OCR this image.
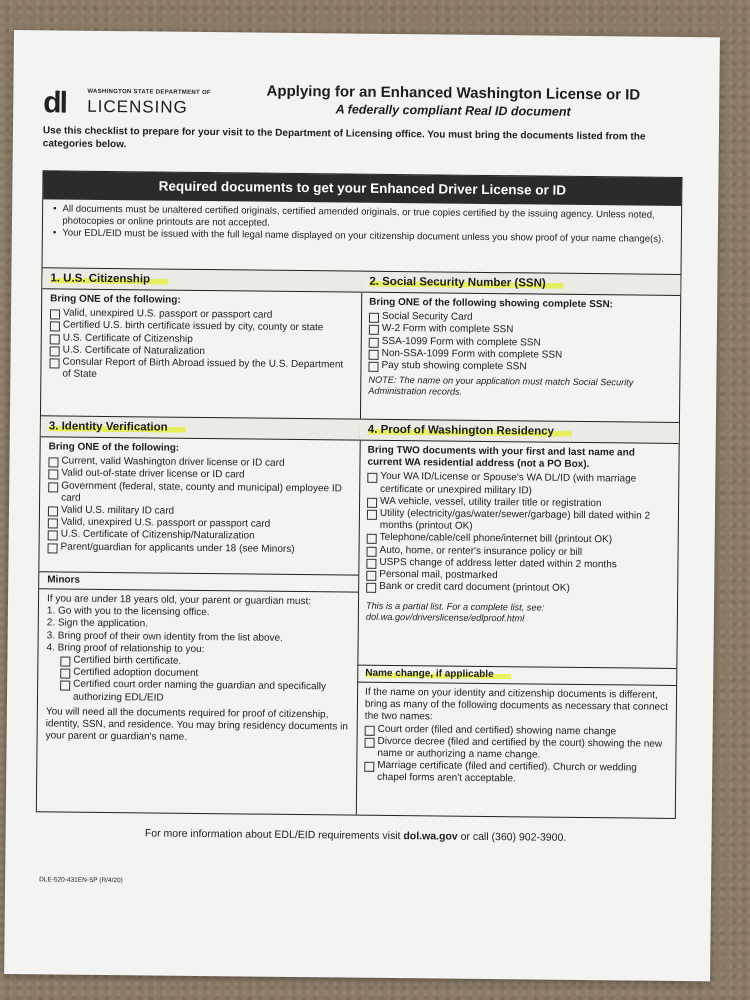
dl	WASHINGTON STATE DEPARTMENT OF
LICENSING
Applying for an Enhanced Washington License or ID
A federally compliant Real ID document
Use this checklist to prepare for your visit to the Department of Licensing office. You must bring the documents listed from the categories below.
Required documents to get your Enhanced Driver License or ID
• All documents must be unaltered certified originals, certified amended originals, or true copies certified by the issuing agency. Unless noted, photocopies or online printouts are not accepted.
• Your EDL/EID must be issued with the full legal name displayed on your citizenship document unless you show proof of your name change(s).
1. U.S. Citizenship
Bring ONE of the following:
Valid, unexpired U.S. passport or passport card
Certified U.S. birth certificate issued by city, county or state
U.S. Certificate of Citizenship
U.S. Certificate of Naturalization
Consular Report of Birth Abroad issued by the U.S. Department of State
3. Identity Verification
Bring ONE of the following:
Current, valid Washington driver license or ID card
Valid out-of-state driver license or ID card
Government (federal, state, county and municipal) employee ID card
Valid U.S. military ID card
Valid, unexpired U.S. passport or passport card
U.S. Certificate of Citizenship/Naturalization
Parent/guardian for applicants under 18 (see Minors)
Minors
If you are under 18 years old, your parent or guardian must:
1. Go with you to the licensing office.
2. Sign the application.
3. Bring proof of their own identity from the list above.
4. Bring proof of relationship to you:
Certified birth certificate.
Certified adoption document
Certified court order naming the guardian and specifically authorizing EDL/EID
You will need all the documents required for proof of citizenship, identity, SSN, and residence. You may bring residency documents in your parent or guardian's name.
2. Social Security Number (SSN)
Bring ONE of the following showing complete SSN:
Social Security Card
W-2 Form with complete SSN
SSA-1099 Form with complete SSN
Non-SSA-1099 Form with complete SSN
Pay stub showing complete SSN
NOTE: The name on your application must match Social Security Administration records.
4. Proof of Washington Residency
Bring TWO documents with your first and last name and current WA residential address (not a PO Box).
Your WA ID/License or Spouse's WA DL/ID (with marriage certificate or unexpired military ID)
WA vehicle, vessel, utility trailer title or registration
Utility (electricity/gas/water/sewer/garbage) bill dated within 2 months (printout OK)
Telephone/cable/cell phone/internet bill (printout OK)
Auto, home, or renter's insurance policy or bill
USPS change of address letter dated within 2 months
Personal mail, postmarked
Bank or credit card document (printout OK)
This is a partial list. For a complete list, see: dol.wa.gov/driverslicense/edlproof.html
Name change, if applicable
If the name on your identity and citizenship documents is different, bring as many of the following documents as necessary that connect the two names:
Court order (filed and certified) showing name change
Divorce decree (filed and certified by the court) showing the new name or authorizing a name change.
Marriage certificate (filed and certified). Church or wedding chapel forms aren't acceptable.
For more information about EDL/EID requirements visit dol.wa.gov or call (360) 902-3900.
DLE-520-431EN-SP (R/4/20)
